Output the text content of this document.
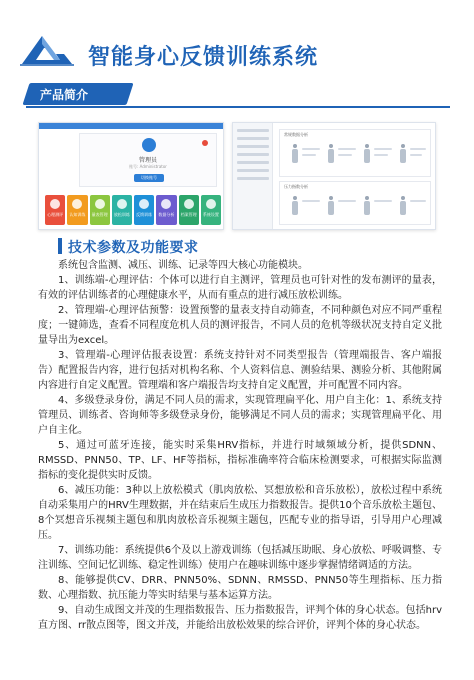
智能身心反馈训练系统
产品简介
管理员
账号: Administrator
切换账号
心理测评	认知训练	量表管理	放松训练	反馈训练	数据分析	档案管理	系统设置
常规数据分析
压力指数分析
技术参数及功能要求

系统包含监测、减压、训练、记录等四大核心功能模块。

1、训练端-心理评估：个体可以进行自主测评，管理员也可针对性的发布测评的量表，有效的评估训练者的心理健康水平，从而有重点的进行减压放松训练。

2、管理端-心理评估预警：设置预警的量表支持自动筛查，不同种颜色对应不同严重程度；一键筛选，查看不同程度危机人员的测评报告，不同人员的危机等级状况支持自定义批量导出为excel。

3、管理端-心理评估报表设置：系统支持针对不同类型报告（管理端报告、客户端报告）配置报告内容，进行包括对机构名称、个人资料信息、测验结果、测验分析、其他附属内容进行自定义配置。管理端和客户端报告均支持自定义配置，并可配置不同内容。

4、多级登录身份，满足不同人员的需求，实现管理扁平化、用户自主化：1、系统支持管理员、训练者、咨询师等多级登录身份，能够满足不同人员的需求；实现管理扁平化、用户自主化。

5、通过可蓝牙连接，能实时采集HRV指标，并进行时域频域分析，提供SDNN、RMSSD、PNN50、TP、LF、HF等指标，指标准确率符合临床检测要求，可根据实际监测指标的变化提供实时反馈。

6、减压功能：3种以上放松模式（肌肉放松、冥想放松和音乐放松），放松过程中系统自动采集用户的HRV生理数据，并在结束后生成压力指数报告。提供10个音乐放松主题包、8个冥想音乐视频主题包和肌肉放松音乐视频主题包，匹配专业的指导语，引导用户心理减压。

7、训练功能：系统提供6个及以上游戏训练（包括减压助眠、身心放松、呼吸调整、专注训练、空间记忆训练、稳定性训练）使用户在趣味训练中逐步掌握情绪调适的方法。

8、能够提供CV、DRR、PNN50%、SDNN、RMSSD、PNN50等生理指标、压力指数、心理指数、抗压能力等实时结果与基本运算方法。

9、自动生成图文并茂的生理指数报告、压力指数报告，评判个体的身心状态。包括hrv直方图、rr散点图等，图文并茂，并能给出放松效果的综合评价，评判个体的身心状态。
